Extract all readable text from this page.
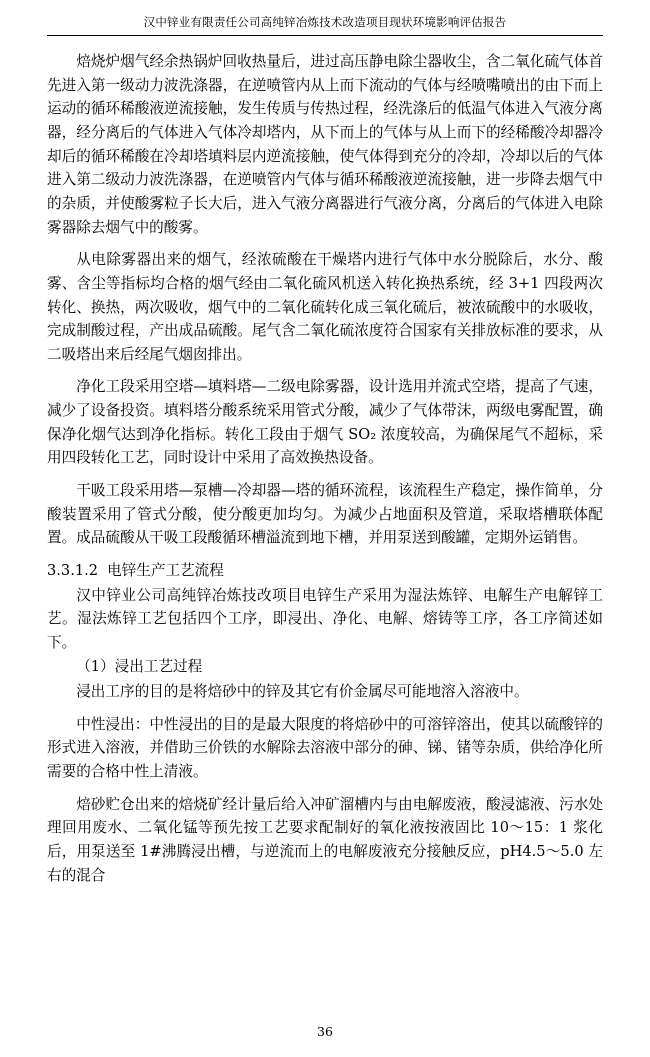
汉中锌业有限责任公司高纯锌冶炼技术改造项目现状环境影响评估报告

焙烧炉烟气经余热锅炉回收热量后，进过高压静电除尘器收尘，含二氧化硫气体首先进入第一级动力波洗涤器，在逆喷管内从上而下流动的气体与经喷嘴喷出的由下而上运动的循环稀酸液逆流接触，发生传质与传热过程，经洗涤后的低温气体进入气液分离器，经分离后的气体进入气体冷却塔内，从下而上的气体与从上而下的经稀酸冷却器冷却后的循环稀酸在冷却塔填料层内逆流接触，使气体得到充分的冷却，冷却以后的气体进入第二级动力波洗涤器，在逆喷管内气体与循环稀酸液逆流接触，进一步降去烟气中的杂质，并使酸雾粒子长大后，进入气液分离器进行气液分离，分离后的气体进入电除雾器除去烟气中的酸雾。

从电除雾器出来的烟气，经浓硫酸在干燥塔内进行气体中水分脱除后，水分、酸雾、含尘等指标均合格的烟气经由二氧化硫风机送入转化换热系统，经 3+1 四段两次转化、换热，两次吸收，烟气中的二氧化硫转化成三氧化硫后，被浓硫酸中的水吸收，完成制酸过程，产出成品硫酸。尾气含二氧化硫浓度符合国家有关排放标准的要求，从二吸塔出来后经尾气烟囱排出。

净化工段采用空塔—填料塔—二级电除雾器，设计选用并流式空塔，提高了气速，减少了设备投资。填料塔分酸系统采用管式分酸，减少了气体带沫，两级电雾配置，确保净化烟气达到净化指标。转化工段由于烟气 SO₂ 浓度较高，为确保尾气不超标，采用四段转化工艺，同时设计中采用了高效换热设备。

干吸工段采用塔—泵槽—冷却器—塔的循环流程，该流程生产稳定，操作简单，分酸装置采用了管式分酸，使分酸更加均匀。为减少占地面积及管道，采取塔槽联体配置。成品硫酸从干吸工段酸循环槽溢流到地下槽，并用泵送到酸罐，定期外运销售。

3.3.1.2 电锌生产工艺流程

汉中锌业公司高纯锌冶炼技改项目电锌生产采用为湿法炼锌、电解生产电解锌工艺。湿法炼锌工艺包括四个工序，即浸出、净化、电解、熔铸等工序，各工序简述如下。

（1）浸出工艺过程

浸出工序的目的是将焙砂中的锌及其它有价金属尽可能地溶入溶液中。

中性浸出：中性浸出的目的是最大限度的将焙砂中的可溶锌溶出，使其以硫酸锌的形式进入溶液，并借助三价铁的水解除去溶液中部分的砷、锑、锗等杂质，供给净化所需要的合格中性上清液。

焙砂贮仓出来的焙烧矿经计量后给入冲矿溜槽内与由电解废液，酸浸滤液、污水处理回用废水、二氧化锰等预先按工艺要求配制好的氧化液按液固比 10～15：1 浆化后，用泵送至 1#沸腾浸出槽，与逆流而上的电解废液充分接触反应，pH4.5～5.0 左右的混合

36
